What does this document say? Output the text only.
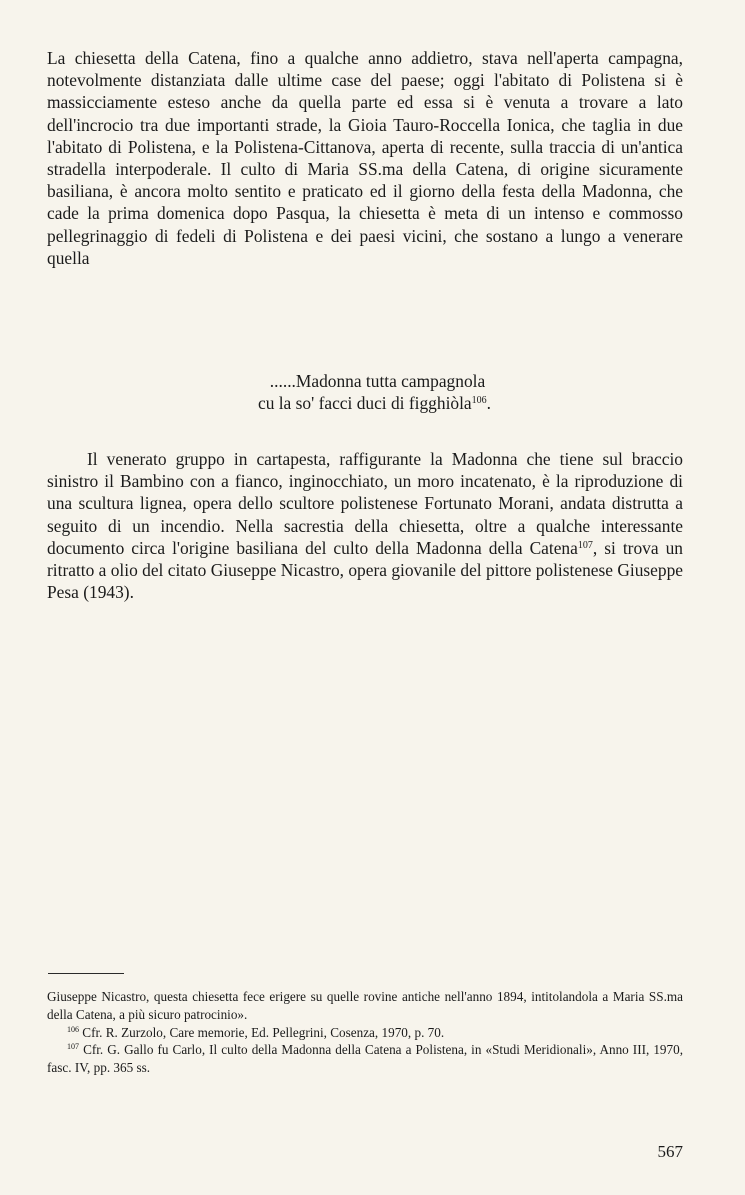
La chiesetta della Catena, fino a qualche anno addietro, stava nell'aperta campagna, notevolmente distanziata dalle ultime case del paese; oggi l'abitato di Polistena si è massicciamente esteso anche da quella parte ed essa si è venuta a trovare a lato dell'incrocio tra due importanti strade, la Gioia Tauro-Roccella Ionica, che taglia in due l'abitato di Polistena, e la Polistena-Cittanova, aperta di recente, sulla traccia di un'antica stradella interpoderale. Il culto di Maria SS.ma della Catena, di origine sicuramente basiliana, è ancora molto sentito e praticato ed il giorno della festa della Madonna, che cade la prima domenica dopo Pasqua, la chiesetta è meta di un intenso e commosso pellegrinaggio di fedeli di Polistena e dei paesi vicini, che sostano a lungo a venerare quella

......Madonna tutta campagnola
cu la so' facci duci di figghiòla$^{106}$.

Il venerato gruppo in cartapesta, raffigurante la Madonna che tiene sul braccio sinistro il Bambino con a fianco, inginocchiato, un moro incatenato, è la riproduzione di una scultura lignea, opera dello scultore polistenese Fortunato Morani, andata distrutta a seguito di un incendio. Nella sacrestia della chiesetta, oltre a qualche interessante documento circa l'origine basiliana del culto della Madonna della Catena$^{107}$, si trova un ritratto a olio del citato Giuseppe Nicastro, opera giovanile del pittore polistenese Giuseppe Pesa (1943).

Giuseppe Nicastro, questa chiesetta fece erigere su quelle rovine antiche nell'anno 1894, intitolandola a Maria SS.ma della Catena, a più sicuro patrocinio».

$^{106}$ Cfr. R. Zurzolo, Care memorie, Ed. Pellegrini, Cosenza, 1970, p. 70.

$^{107}$ Cfr. G. Gallo fu Carlo, Il culto della Madonna della Catena a Polistena, in «Studi Meridionali», Anno III, 1970, fasc. IV, pp. 365 ss.

567
